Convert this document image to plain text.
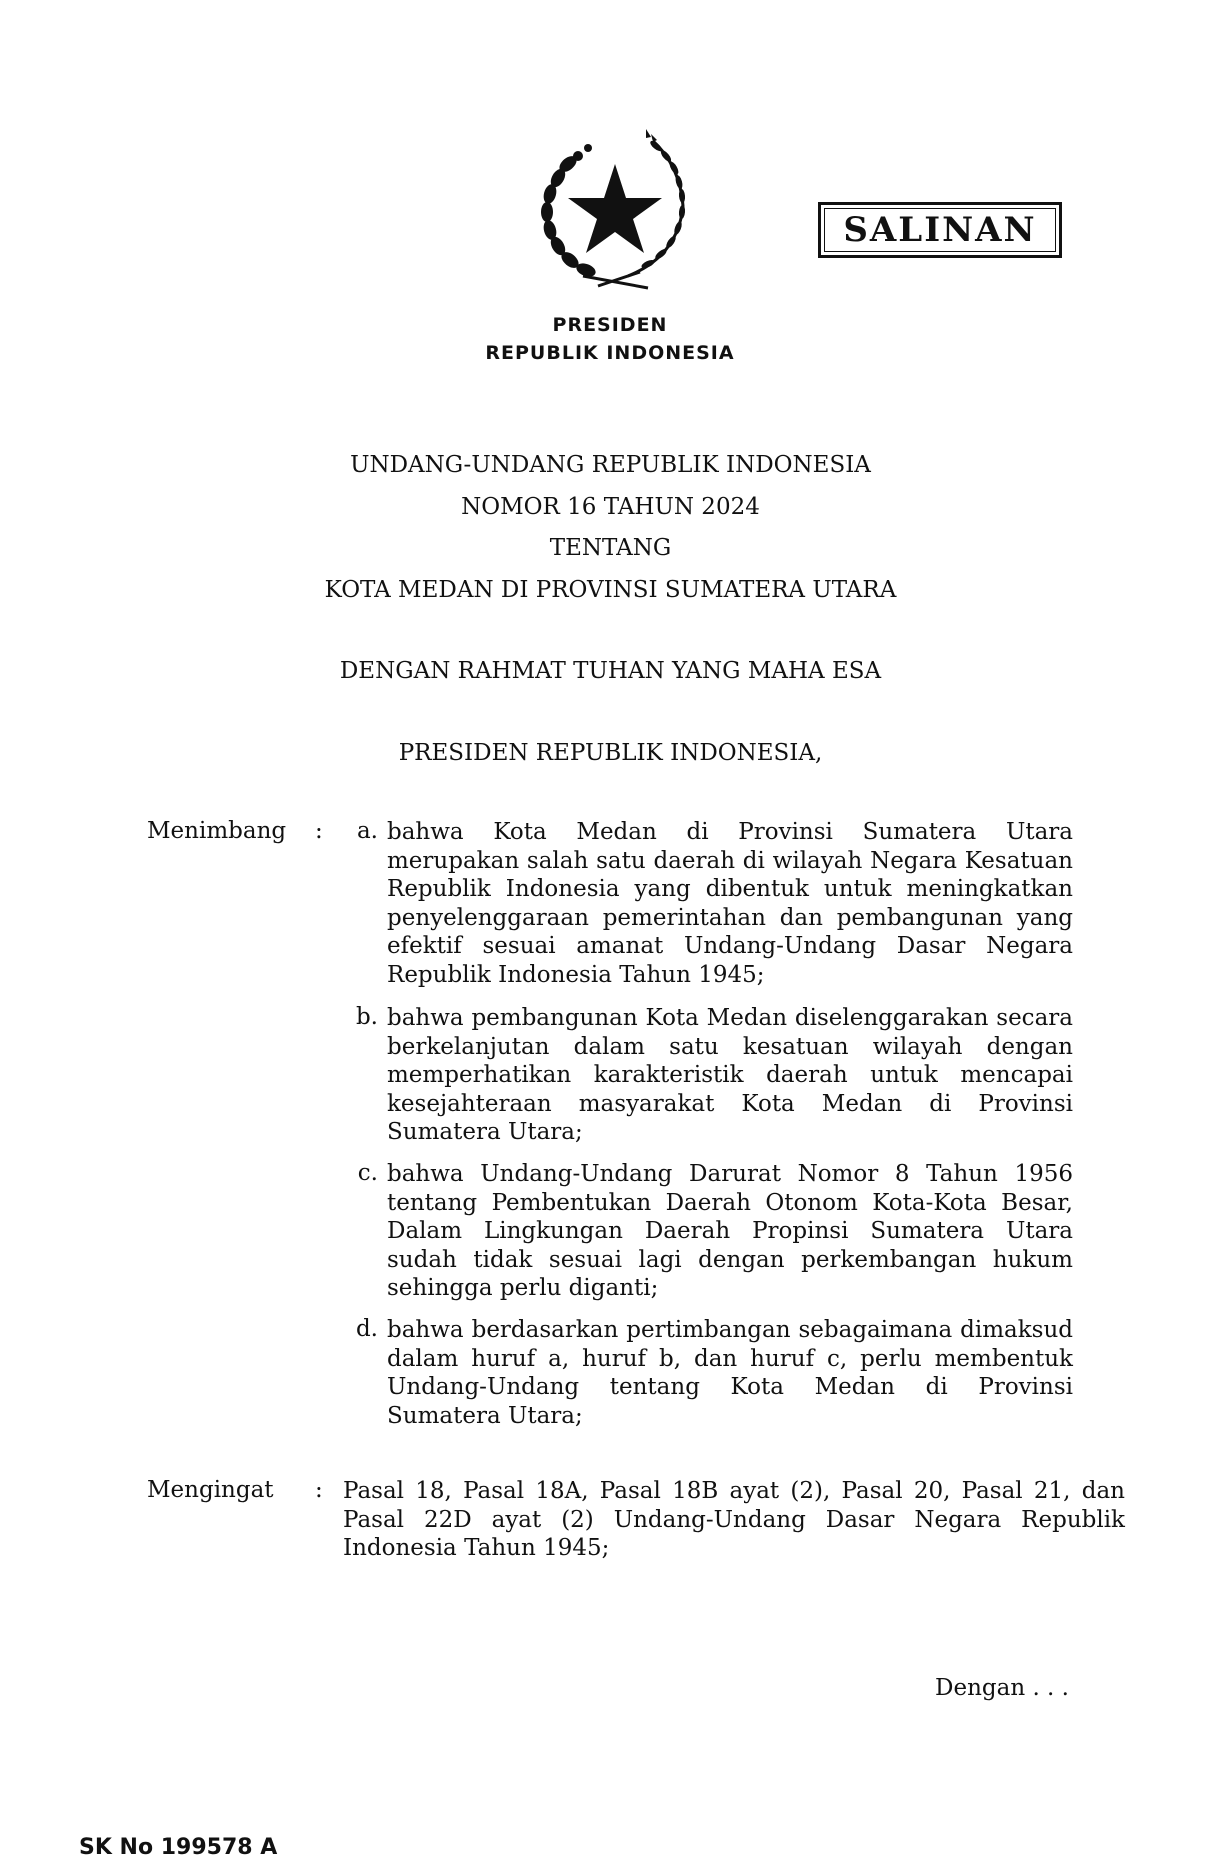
SALINAN
PRESIDEN
REPUBLIK INDONESIA
UNDANG-UNDANG REPUBLIK INDONESIA
NOMOR 16 TAHUN 2024
TENTANG
KOTA MEDAN DI PROVINSI SUMATERA UTARA
DENGAN RAHMAT TUHAN YANG MAHA ESA
PRESIDEN REPUBLIK INDONESIA,
Menimbang :	a. bahwa Kota Medan di Provinsi Sumatera Utara merupakan salah satu daerah di wilayah Negara Kesatuan Republik Indonesia yang dibentuk untuk meningkatkan penyelenggaraan pemerintahan dan pembangunan yang efektif sesuai amanat Undang-Undang Dasar Negara Republik Indonesia Tahun 1945;
b. bahwa pembangunan Kota Medan diselenggarakan secara berkelanjutan dalam satu kesatuan wilayah dengan memperhatikan karakteristik daerah untuk mencapai kesejahteraan masyarakat Kota Medan di Provinsi Sumatera Utara;
c. bahwa Undang-Undang Darurat Nomor 8 Tahun 1956 tentang Pembentukan Daerah Otonom Kota-Kota Besar, Dalam Lingkungan Daerah Propinsi Sumatera Utara sudah tidak sesuai lagi dengan perkembangan hukum sehingga perlu diganti;
d. bahwa berdasarkan pertimbangan sebagaimana dimaksud dalam huruf a, huruf b, dan huruf c, perlu membentuk Undang-Undang tentang Kota Medan di Provinsi Sumatera Utara;
Mengingat : Pasal 18, Pasal 18A, Pasal 18B ayat (2), Pasal 20, Pasal 21, dan Pasal 22D ayat (2) Undang-Undang Dasar Negara Republik Indonesia Tahun 1945;
Dengan . . .
SK No 199578 A
